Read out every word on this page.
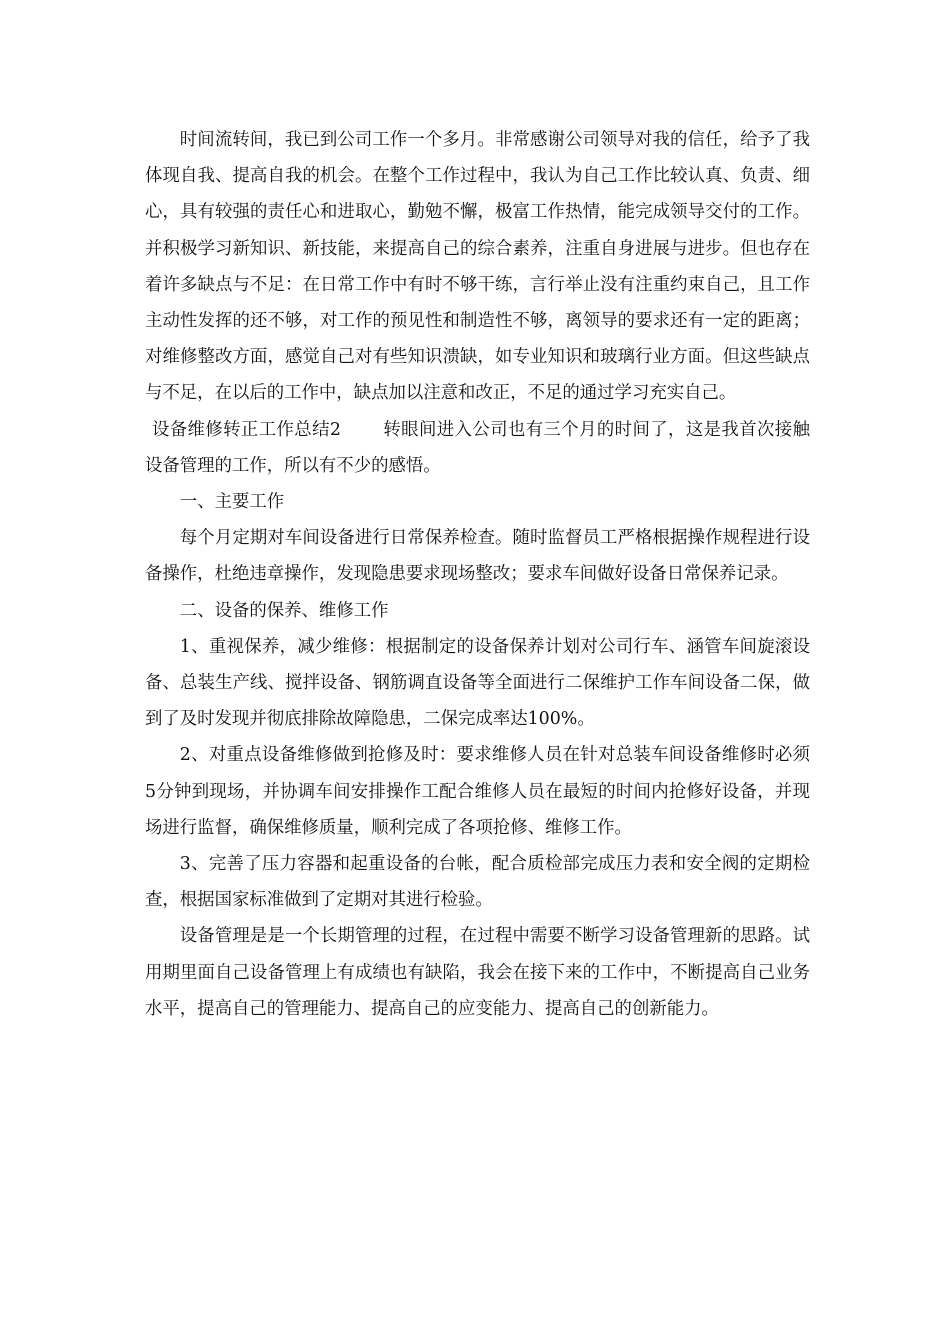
时间流转间，我已到公司工作一个多月。非常感谢公司领导对我的信任，给予了我体现自我、提高自我的机会。在整个工作过程中，我认为自己工作比较认真、负责、细心，具有较强的责任心和进取心，勤勉不懈，极富工作热情，能完成领导交付的工作。并积极学习新知识、新技能，来提高自己的综合素养，注重自身进展与进步。但也存在着许多缺点与不足：在日常工作中有时不够干练，言行举止没有注重约束自己，且工作主动性发挥的还不够，对工作的预见性和制造性不够，离领导的要求还有一定的距离；对维修整改方面，感觉自己对有些知识溃缺，如专业知识和玻璃行业方面。但这些缺点与不足，在以后的工作中，缺点加以注意和改正，不足的通过学习充实自己。

设备维修转正工作总结2 转眼间进入公司也有三个月的时间了，这是我首次接触设备管理的工作，所以有不少的感悟。

一、主要工作

每个月定期对车间设备进行日常保养检查。随时监督员工严格根据操作规程进行设备操作，杜绝违章操作，发现隐患要求现场整改；要求车间做好设备日常保养记录。

二、设备的保养、维修工作

1、重视保养，减少维修：根据制定的设备保养计划对公司行车、涵管车间旋滚设备、总装生产线、搅拌设备、钢筋调直设备等全面进行二保维护工作车间设备二保，做到了及时发现并彻底排除故障隐患，二保完成率达100%。

2、对重点设备维修做到抢修及时：要求维修人员在针对总装车间设备维修时必须5分钟到现场，并协调车间安排操作工配合维修人员在最短的时间内抢修好设备，并现场进行监督，确保维修质量，顺利完成了各项抢修、维修工作。

3、完善了压力容器和起重设备的台帐，配合质检部完成压力表和安全阀的定期检查，根据国家标准做到了定期对其进行检验。

设备管理是是一个长期管理的过程，在过程中需要不断学习设备管理新的思路。试用期里面自己设备管理上有成绩也有缺陷，我会在接下来的工作中，不断提高自己业务水平，提高自己的管理能力、提高自己的应变能力、提高自己的创新能力。
